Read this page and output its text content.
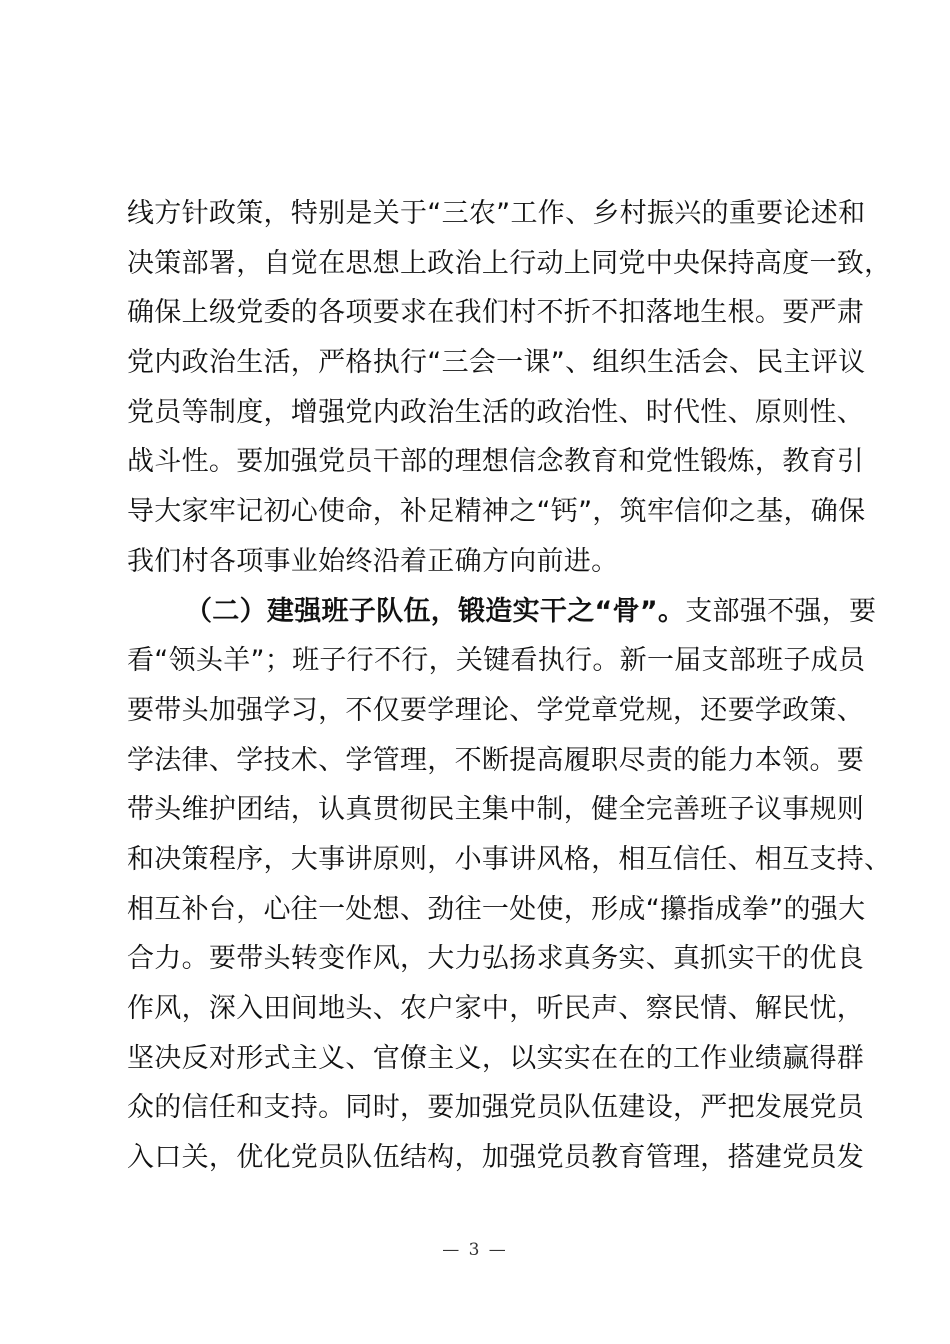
线方针政策，特别是关于“三农”工作、乡村振兴的重要论述和
决策部署，自觉在思想上政治上行动上同党中央保持高度一致，
确保上级党委的各项要求在我们村不折不扣落地生根。要严肃
党内政治生活，严格执行“三会一课”、组织生活会、民主评议
党员等制度，增强党内政治生活的政治性、时代性、原则性、
战斗性。要加强党员干部的理想信念教育和党性锻炼，教育引
导大家牢记初心使命，补足精神之“钙”，筑牢信仰之基，确保
我们村各项事业始终沿着正确方向前进。
（二）建强班子队伍，锻造实干之“骨”。支部强不强，要
看“领头羊”；班子行不行，关键看执行。新一届支部班子成员
要带头加强学习，不仅要学理论、学党章党规，还要学政策、
学法律、学技术、学管理，不断提高履职尽责的能力本领。要
带头维护团结，认真贯彻民主集中制，健全完善班子议事规则
和决策程序，大事讲原则，小事讲风格，相互信任、相互支持、
相互补台，心往一处想、劲往一处使，形成“攥指成拳”的强大
合力。要带头转变作风，大力弘扬求真务实、真抓实干的优良
作风，深入田间地头、农户家中，听民声、察民情、解民忧，
坚决反对形式主义、官僚主义，以实实在在的工作业绩赢得群
众的信任和支持。同时，要加强党员队伍建设，严把发展党员
入口关，优化党员队伍结构，加强党员教育管理，搭建党员发
— 3 —
